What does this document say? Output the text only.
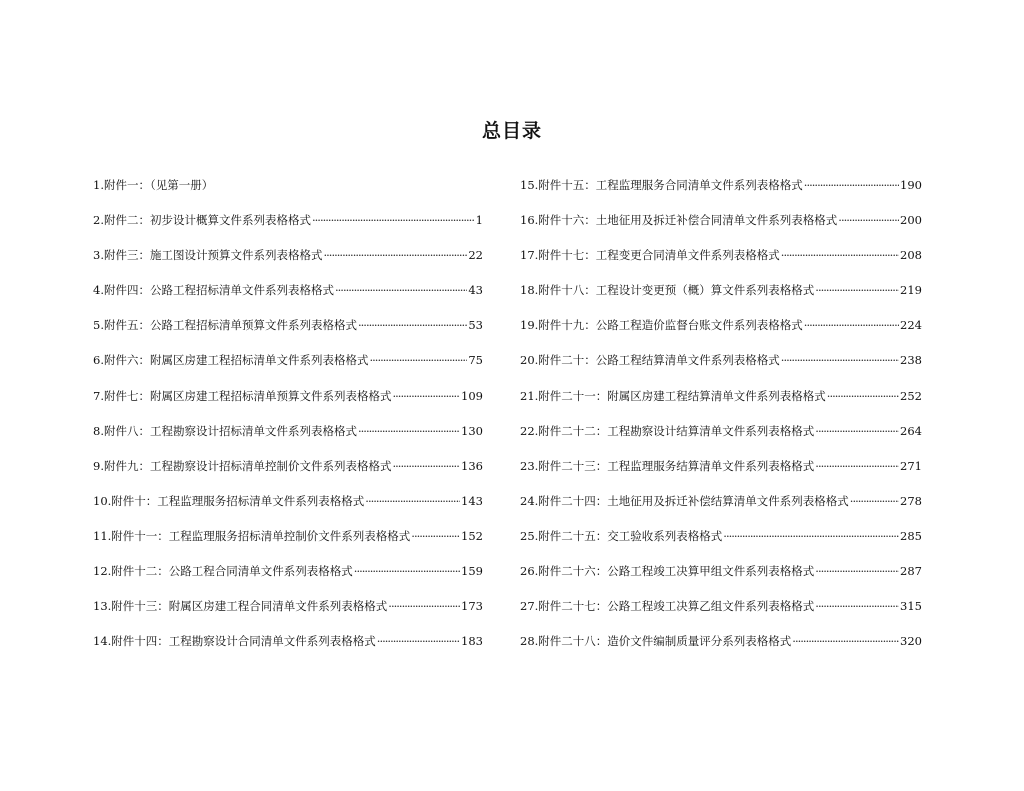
总目录
1.附件一：（见第一册）
2.附件二：初步设计概算文件系列表格格式 ·····	1
3.附件三：施工图设计预算文件系列表格格式 ·····	22
4.附件四：公路工程招标清单文件系列表格格式 ·····	43
5.附件五：公路工程招标清单预算文件系列表格格式 ·····	53
6.附件六：附属区房建工程招标清单文件系列表格格式 ·····	75
7.附件七：附属区房建工程招标清单预算文件系列表格格式 ·····	109
8.附件八：工程勘察设计招标清单文件系列表格格式 ·····	130
9.附件九：工程勘察设计招标清单控制价文件系列表格格式 ·····	136
10.附件十：工程监理服务招标清单文件系列表格格式 ·····	143
11.附件十一：工程监理服务招标清单控制价文件系列表格格式 ·····	152
12.附件十二：公路工程合同清单文件系列表格格式 ·····	159
13.附件十三：附属区房建工程合同清单文件系列表格格式 ·····	173
14.附件十四：工程勘察设计合同清单文件系列表格格式 ·····	183
15.附件十五：工程监理服务合同清单文件系列表格格式 ·····	190
16.附件十六：土地征用及拆迁补偿合同清单文件系列表格格式 ·····	200
17.附件十七：工程变更合同清单文件系列表格格式 ·····	208
18.附件十八：工程设计变更预（概）算文件系列表格格式 ·····	219
19.附件十九：公路工程造价监督台账文件系列表格格式 ·····	224
20.附件二十：公路工程结算清单文件系列表格格式 ·····	238
21.附件二十一：附属区房建工程结算清单文件系列表格格式 ·····	252
22.附件二十二：工程勘察设计结算清单文件系列表格格式 ·····	264
23.附件二十三：工程监理服务结算清单文件系列表格格式 ·····	271
24.附件二十四：土地征用及拆迁补偿结算清单文件系列表格格式 ·····	278
25.附件二十五：交工验收系列表格格式 ·····	285
26.附件二十六：公路工程竣工决算甲组文件系列表格格式 ·····	287
27.附件二十七：公路工程竣工决算乙组文件系列表格格式 ·····	315
28.附件二十八：造价文件编制质量评分系列表格格式 ·····	320
